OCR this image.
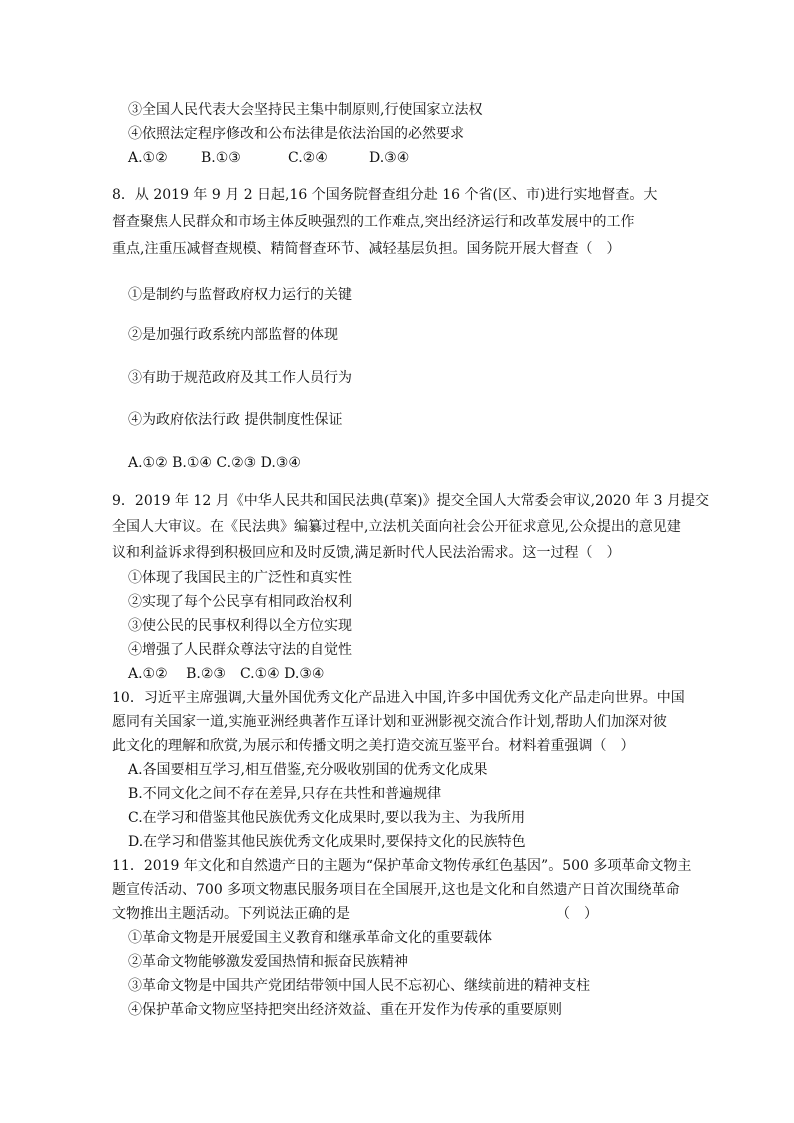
③全国人民代表大会坚持民主集中制原则,行使国家立法权
④依照法定程序修改和公布法律是依法治国的必然要求
A.①② B.①③	C.②④	D.③④
8．从 2019 年 9 月 2 日起,16 个国务院督查组分赴 16 个省(区、市)进行实地督查。大
督查聚焦人民群众和市场主体反映强烈的工作难点,突出经济运行和改革发展中的工作
重点,注重压减督查规模、精简督查环节、减轻基层负担。国务院开展大督查（　）
①是制约与监督政府权力运行的关键
②是加强行政系统内部监督的体现
③有助于规范政府及其工作人员行为
④为政府依法行政 提供制度性保证
A.①② B.①④ C.②③ D.③④
9．2019 年 12 月《中华人民共和国民法典(草案)》提交全国人大常委会审议,2020 年 3 月提交
全国人大审议。在《民法典》编纂过程中,立法机关面向社会公开征求意见,公众提出的意见建
议和利益诉求得到积极回应和及时反馈,满足新时代人民法治需求。这一过程（　）
①体现了我国民主的广泛性和真实性
②实现了每个公民享有相同政治权利
③使公民的民事权利得以全方位实现
④增强了人民群众尊法守法的自觉性
A.①②　 B.②③　C.①④ D.③④
10．习近平主席强调,大量外国优秀文化产品进入中国,许多中国优秀文化产品走向世界。中国
愿同有关国家一道,实施亚洲经典著作互译计划和亚洲影视交流合作计划,帮助人们加深对彼
此文化的理解和欣赏,为展示和传播文明之美打造交流互鉴平台。材料着重强调（　）
A.各国要相互学习,相互借鉴,充分吸收别国的优秀文化成果
B.不同文化之间不存在差异,只存在共性和普遍规律
C.在学习和借鉴其他民族优秀文化成果时,要以我为主、为我所用
D.在学习和借鉴其他民族优秀文化成果时,要保持文化的民族特色
11．2019 年文化和自然遗产日的主题为“保护革命文物传承红色基因”。500 多项革命文物主
题宣传活动、700 多项文物惠民服务项目在全国展开,这也是文化和自然遗产日首次围绕革命
文物推出主题活动。下列说法正确的是	（　）
①革命文物是开展爱国主义教育和继承革命文化的重要载体
②革命文物能够激发爱国热情和振奋民族精神
③革命文物是中国共产党团结带领中国人民不忘初心、继续前进的精神支柱
④保护革命文物应坚持把突出经济效益、重在开发作为传承的重要原则
